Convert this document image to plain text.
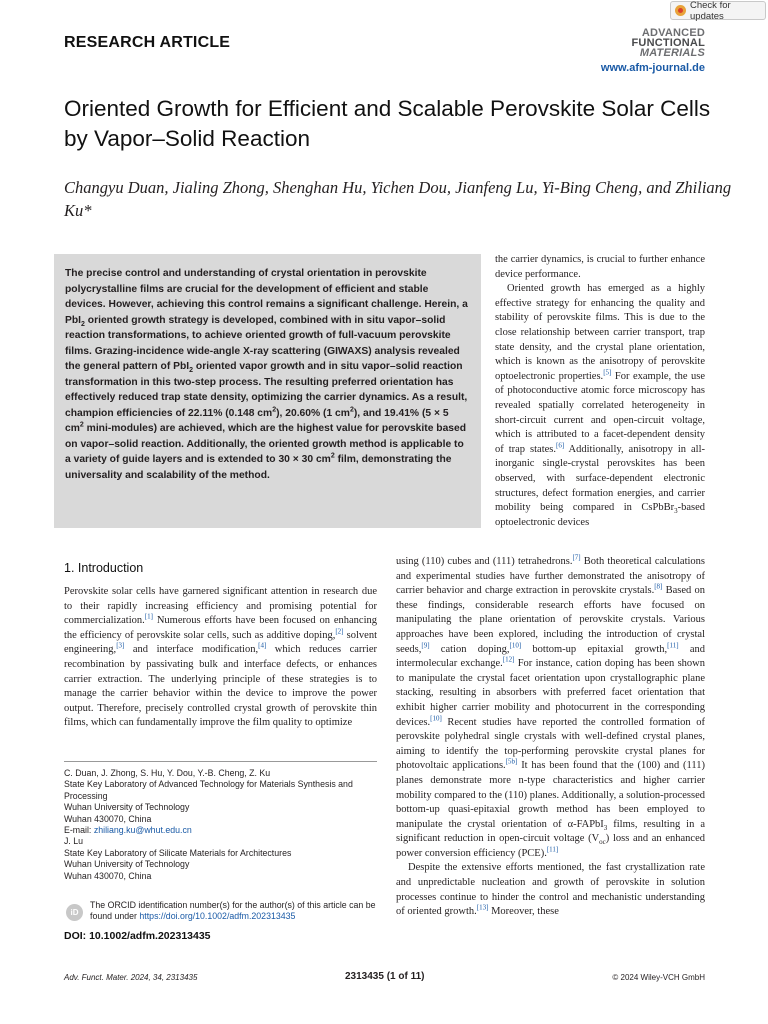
Check for updates
RESEARCH ARTICLE
ADVANCED
FUNCTIONAL
MATERIALS
www.afm-journal.de
Oriented Growth for Efficient and Scalable Perovskite Solar Cells by Vapor–Solid Reaction
Changyu Duan, Jialing Zhong, Shenghan Hu, Yichen Dou, Jianfeng Lu, Yi-Bing Cheng, and Zhiliang Ku*
The precise control and understanding of crystal orientation in perovskite polycrystalline films are crucial for the development of efficient and stable devices. However, achieving this control remains a significant challenge. Herein, a PbI$_2$ oriented growth strategy is developed, combined with in situ vapor–solid reaction transformations, to achieve oriented growth of full-vacuum perovskite films. Grazing-incidence wide-angle X-ray scattering (GIWAXS) analysis revealed the general pattern of PbI$_2$ oriented vapor growth and in situ vapor–solid reaction transformation in this two-step process. The resulting preferred orientation has effectively reduced trap state density, optimizing the carrier dynamics. As a result, champion efficiencies of 22.11% (0.148 $cm^2$), 20.60% (1 $cm^2$), and 19.41% (5 × 5 $cm^2$ mini-modules) are achieved, which are the highest value for perovskite based on vapor–solid reaction. Additionally, the oriented growth method is applicable to a variety of guide layers and is extended to 30 × 30 $cm^2$ film, demonstrating the universality and scalability of the method.

the carrier dynamics, is crucial to further enhance device performance.

Oriented growth has emerged as a highly effective strategy for enhancing the quality and stability of perovskite films. This is due to the close relationship between carrier transport, trap state density, and the crystal plane orientation, which is known as the anisotropy of perovskite optoelectronic properties.[5] For example, the use of photoconductive atomic force microscopy has revealed spatially correlated heterogeneity in short-circuit current and open-circuit voltage, which is attributed to a facet-dependent density of trap states.[6] Additionally, anisotropy in all-inorganic single-crystal perovskites has been observed, with surface-dependent electronic structures, defect formation energies, and carrier mobility being compared in CsPbBr$_3$-based optoelectronic devices

using (110) cubes and (111) tetrahedrons.[7] Both theoretical calculations and experimental studies have further demonstrated the anisotropy of carrier behavior and charge extraction in perovskite crystals.[8] Based on these findings, considerable research efforts have focused on manipulating the plane orientation of perovskite crystals. Various approaches have been explored, including the introduction of crystal seeds,[9] cation doping,[10] bottom-up epitaxial growth,[11] and intermolecular exchange.[12] For instance, cation doping has been shown to manipulate the crystal facet orientation upon crystallographic plane stacking, resulting in absorbers with preferred facet orientation that exhibit higher carrier mobility and photocurrent in the corresponding devices.[10] Recent studies have reported the controlled formation of perovskite polyhedral single crystals with well-defined crystal planes, aiming to identify the top-performing perovskite crystal planes for photovoltaic applications.[5b] It has been found that the (100) and (111) planes demonstrate more n-type characteristics and higher carrier mobility compared to the (110) planes. Additionally, a solution-processed bottom-up quasi-epitaxial growth method has been employed to manipulate the crystal orientation of α-FAPbI$_3$ films, resulting in a significant reduction in open-circuit voltage $(V_{oc})$ loss and an enhanced power conversion efficiency (PCE).[11]

Despite the extensive efforts mentioned, the fast crystallization rate and unpredictable nucleation and growth of perovskite in solution processes continue to hinder the control and mechanistic understanding of oriented growth.[13] Moreover, these

1. Introduction

Perovskite solar cells have garnered significant attention in research due to their rapidly increasing efficiency and promising potential for commercialization.[1] Numerous efforts have been focused on enhancing the efficiency of perovskite solar cells, such as additive doping,[2] solvent engineering,[3] and interface modification,[4] which reduces carrier recombination by passivating bulk and interface defects, or enhances carrier extraction. The underlying principle of these strategies is to manage the carrier behavior within the device to improve the power output. Therefore, precisely controlled crystal growth of perovskite thin films, which can fundamentally improve the film quality to optimize

C. Duan, J. Zhong, S. Hu, Y. Dou, Y.-B. Cheng, Z. Ku
State Key Laboratory of Advanced Technology for Materials Synthesis and Processing
Wuhan University of Technology
Wuhan 430070, China
E-mail: zhiliang.ku@whut.edu.cn
J. Lu
State Key Laboratory of Silicate Materials for Architectures
Wuhan University of Technology
Wuhan 430070, China
iD
The ORCID identification number(s) for the author(s) of this article can be found under https://doi.org/10.1002/adfm.202313435
DOI: 10.1002/adfm.202313435
Adv. Funct. Mater. 2024, 34, 2313435	2313435 (1 of 11)	© 2024 Wiley-VCH GmbH
